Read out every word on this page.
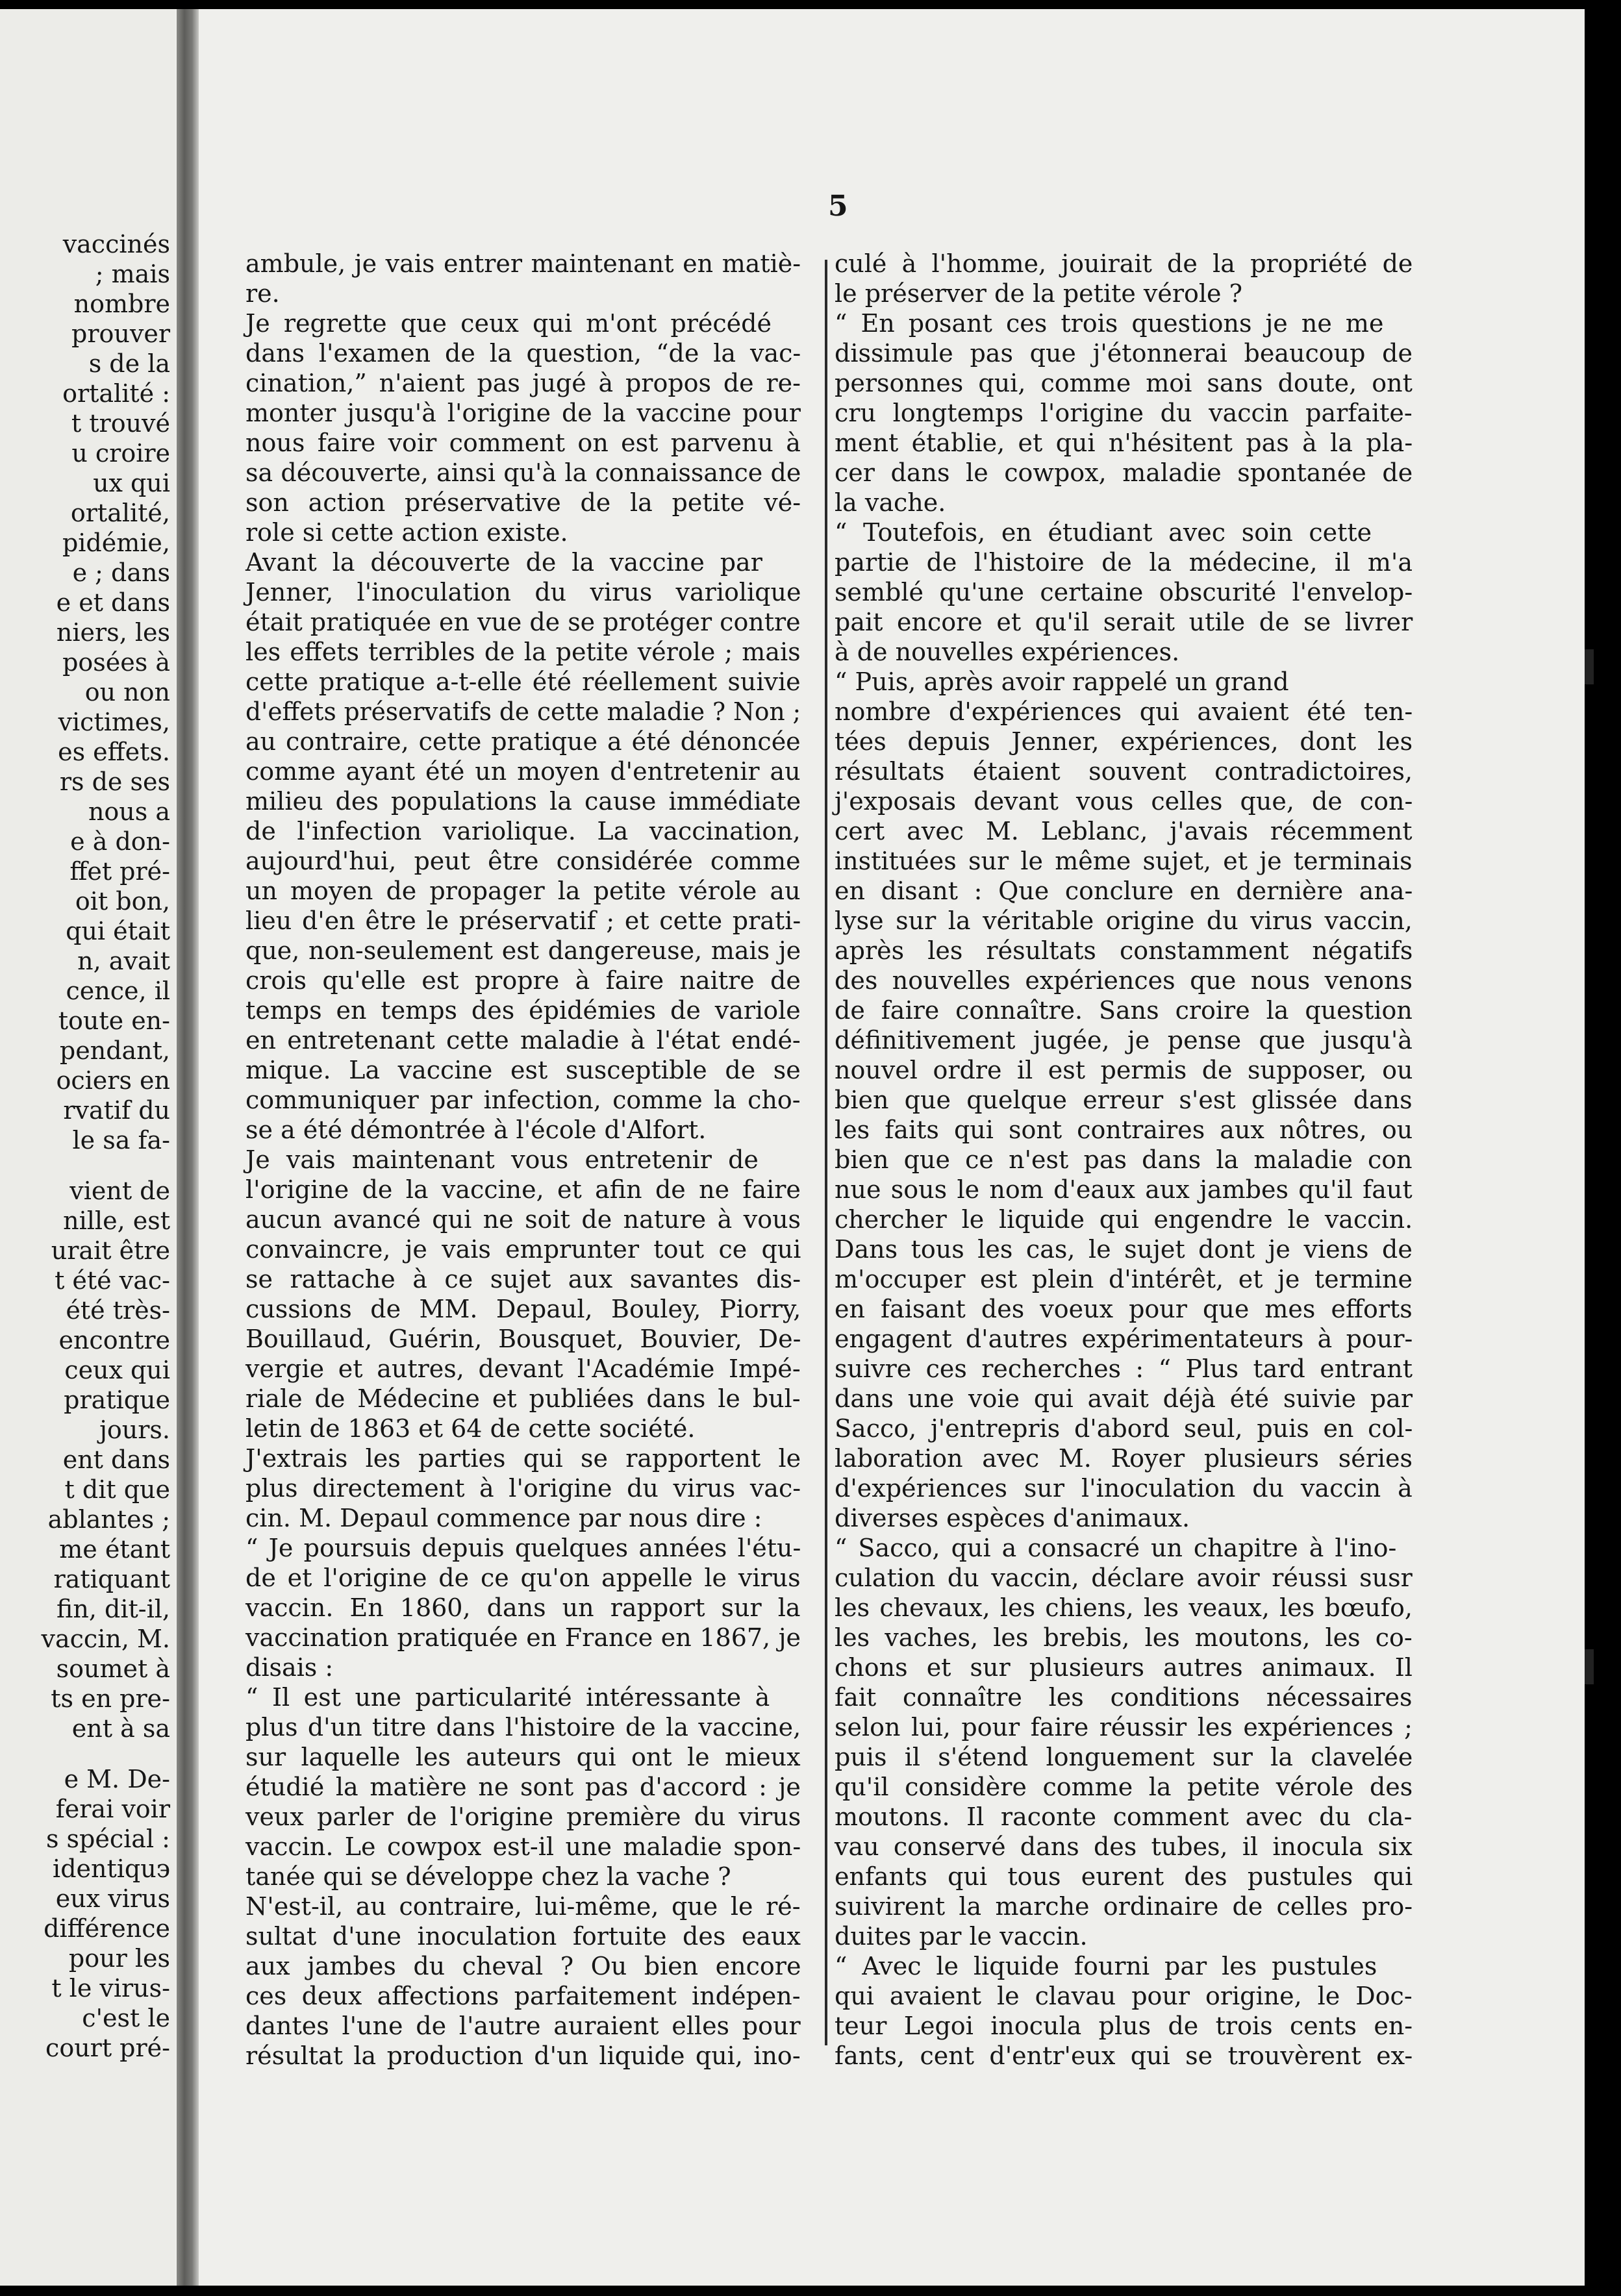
vaccinés
; mais
nombre
prouver
s de la
ortalité :
t trouvé
u croire
ux qui
ortalité,
pidémie,
e ; dans
e et dans
niers, les
posées à
ou non
victimes,
es effets.
rs de ses
nous a
e à don-
ffet pré-
oit bon,
qui était
n, avait
cence, il
toute en-
pendant,
oсiers en
rvatif du
le sa fa-
vient de
nille, est
urait être
t été vac-
été très-
encontre
ceux qui
pratique
jours.
ent dans
t dit que
ablantes ;
me étant
ratiquant
fin, dit-il,
vaccin, M.
soumet à
ts en pre-
ent à sa
e M. De-
ferai voir
s spécial :
identiquэ
eux virus
différence
pour les
t le virus-
c'est le
court pré-
5
ambule, je vais entrer maintenant en matiè-
re.
Je regrette que ceux qui m'ont précédé
dans l'examen de la question, “de la vac-
cination,” n'aient pas jugé à propos de re-
monter jusqu'à l'origine de la vaccine pour
nous faire voir comment on est parvenu à
sa découverte, ainsi qu'à la connaissance de
son action préservative de la petite vé-
role si cette action existe.
Avant la découverte de la vaccine par
Jenner, l'inoculation du virus variolique
était pratiquée en vue de se protéger contre
les effets terribles de la petite vérole ; mais
cette pratique a-t-elle été réellement suivie
d'effets préservatifs de cette maladie ? Non ;
au contraire, cette pratique a été dénoncée
comme ayant été un moyen d'entretenir au
milieu des populations la cause immédiate
de l'infection variolique. La vaccination,
aujourd'hui, peut être considérée comme
un moyen de propager la petite vérole au
lieu d'en être le préservatif ; et cette prati-
que, non-seulement est dangereuse, mais je
crois qu'elle est propre à faire naitre de
temps en temps des épidémies de variole
en entretenant cette maladie à l'état endé-
mique. La vaccine est susceptible de se
communiquer par infection, comme la cho-
se a été démontrée à l'école d'Alfort.
Je vais maintenant vous entretenir de
l'origine de la vaccine, et afin de ne faire
aucun avancé qui ne soit de nature à vous
convaincre, je vais emprunter tout ce qui
se rattache à ce sujet aux savantes dis-
cussions de MM. Depaul, Bouley, Piorry,
Bouillaud, Guérin, Bousquet, Bouvier, De-
vergie et autres, devant l'Académie Impé-
riale de Médecine et publiées dans le bul-
letin de 1863 et 64 de cette société.
J'extrais les parties qui se rapportent le
plus directement à l'origine du virus vac-
cin. M. Depaul commence par nous dire :
“ Je poursuis depuis quelques années l'étu-
de et l'origine de ce qu'on appelle le virus
vaccin. En 1860, dans un rapport sur la
vaccination pratiquée en France en 1867, je
disais :
“ Il est une particularité intéressante à
plus d'un titre dans l'histoire de la vaccine,
sur laquelle les auteurs qui ont le mieux
étudié la matière ne sont pas d'accord : je
veux parler de l'origine première du virus
vaccin. Le cowpox est-il une maladie spon-
tanée qui se développe chez la vache ?
N'est-il, au contraire, lui-même, que le ré-
sultat d'une inoculation fortuite des eaux
aux jambes du cheval ? Ou bien encore
ces deux affections parfaitement indépen-
dantes l'une de l'autre auraient elles pour
résultat la production d'un liquide qui, ino-
culé à l'homme, jouirait de la propriété de
le préserver de la petite vérole ?
“ En posant ces trois questions je ne me
dissimule pas que j'étonnerai beaucoup de
personnes qui, comme moi sans doute, ont
cru longtemps l'origine du vaccin parfaite-
ment établie, et qui n'hésitent pas à la pla-
cer dans le cowpox, maladie spontanée de
la vache.
“ Toutefois, en étudiant avec soin cette
partie de l'histoire de la médecine, il m'a
semblé qu'une certaine obscurité l'envelop-
pait encore et qu'il serait utile de se livrer
à de nouvelles expériences.
“ Puis, après avoir rappelé un grand
nombre d'expériences qui avaient été ten-
tées depuis Jenner, expériences, dont les
résultats étaient souvent contradictoires,
j'exposais devant vous celles que, de con-
cert avec M. Leblanc, j'avais récemment
instituées sur le même sujet, et je terminais
en disant : Que conclure en dernière ana-
lyse sur la véritable origine du virus vaccin,
après les résultats constamment négatifs
des nouvelles expériences que nous venons
de faire connaître. Sans croire la question
définitivement jugée, je pense que jusqu'à
nouvel ordre il est permis de supposer, ou
bien que quelque erreur s'est glissée dans
les faits qui sont contraires aux nôtres, ou
bien que ce n'est pas dans la maladie con
nue sous le nom d'eaux aux jambes qu'il faut
chercher le liquide qui engendre le vaccin.
Dans tous les cas, le sujet dont je viens de
m'occuper est plein d'intérêt, et je termine
en faisant des voeux pour que mes efforts
engagent d'autres expérimentateurs à pour-
suivre ces recherches : “ Plus tard entrant
dans une voie qui avait déjà été suivie par
Sacco, j'entrepris d'abord seul, puis en col-
laboration avec M. Royer plusieurs séries
d'expériences sur l'inoculation du vaccin à
diverses espèces d'animaux.
“ Sacco, qui a consacré un chapitre à l'ino-
culation du vaccin, déclare avoir réussi susr
les chevaux, les chiens, les veaux, les bœufo,
les vaches, les brebis, les moutons, les co-
chons et sur plusieurs autres animaux. Il
fait connaître les conditions nécessaires
selon lui, pour faire réussir les expériences ;
puis il s'étend longuement sur la clavelée
qu'il considère comme la petite vérole des
moutons. Il raconte comment avec du cla-
vau conservé dans des tubes, il inocula six
enfants qui tous eurent des pustules qui
suivirent la marche ordinaire de celles pro-
duites par le vaccin.
“ Avec le liquide fourni par les pustules
qui avaient le clavau pour origine, le Doc-
teur Legoi inocula plus de trois cents en-
fants, cent d'entr'eux qui se trouvèrent ex-
